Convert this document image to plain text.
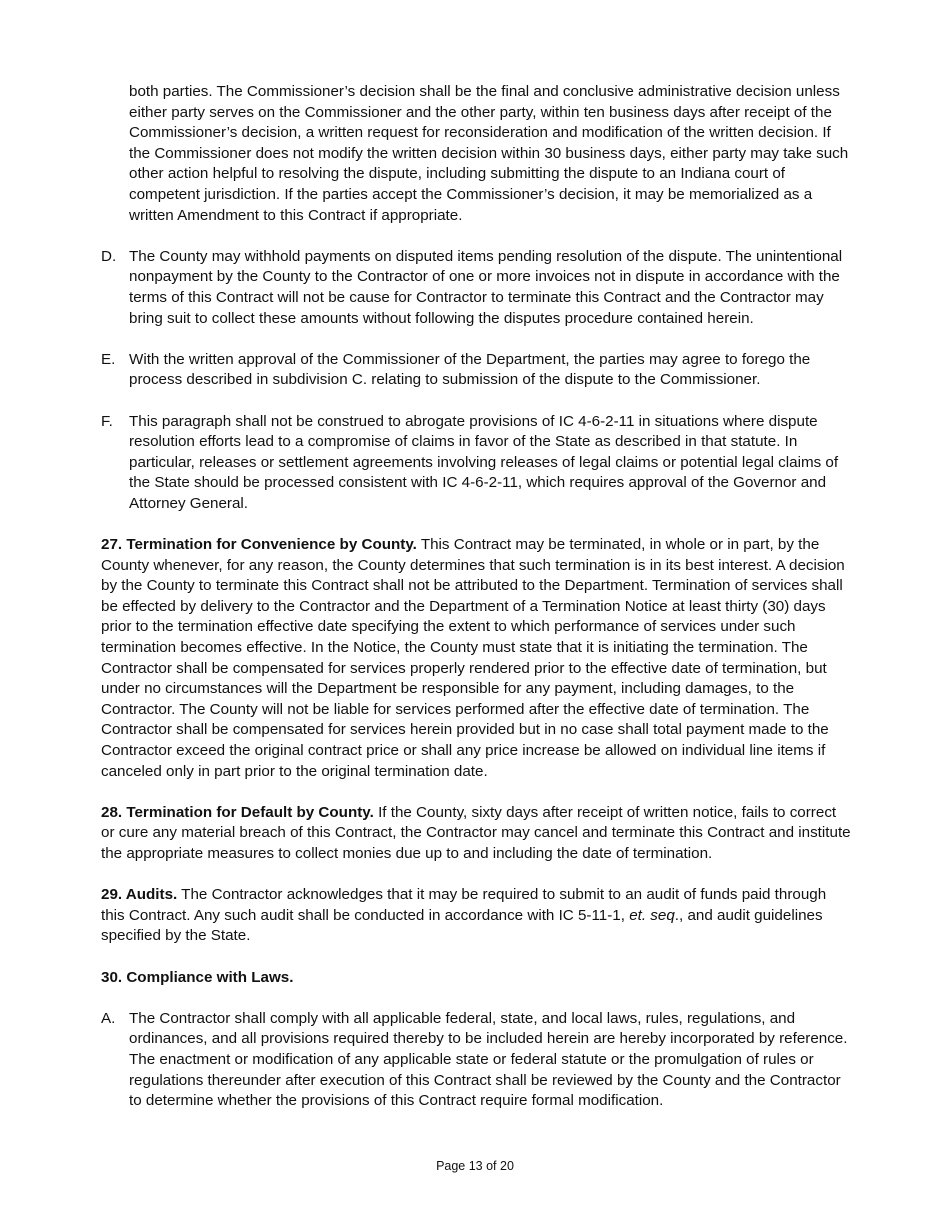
both parties. The Commissioner’s decision shall be the final and conclusive administrative decision unless either party serves on the Commissioner and the other party, within ten business days after receipt of the Commissioner’s decision, a written request for reconsideration and modification of the written decision. If the Commissioner does not modify the written decision within 30 business days, either party may take such other action helpful to resolving the dispute, including submitting the dispute to an Indiana court of competent jurisdiction. If the parties accept the Commissioner’s decision, it may be memorialized as a written Amendment to this Contract if appropriate.

D. The County may withhold payments on disputed items pending resolution of the dispute. The unintentional nonpayment by the County to the Contractor of one or more invoices not in dispute in accordance with the terms of this Contract will not be cause for Contractor to terminate this Contract and the Contractor may bring suit to collect these amounts without following the disputes procedure contained herein.
E. With the written approval of the Commissioner of the Department, the parties may agree to forego the process described in subdivision C. relating to submission of the dispute to the Commissioner.
F.	This paragraph shall not be construed to abrogate provisions of IC 4-6-2-11 in situations where dispute resolution efforts lead to a compromise of claims in favor of the State as described in that statute. In particular, releases or settlement agreements involving releases of legal claims or potential legal claims of the State should be processed consistent with IC 4-6-2-11, which requires approval of the Governor and Attorney General.

27. Termination for Convenience by County. This Contract may be terminated, in whole or in part, by the County whenever, for any reason, the County determines that such termination is in its best interest. A decision by the County to terminate this Contract shall not be attributed to the Department. Termination of services shall be effected by delivery to the Contractor and the Department of a Termination Notice at least thirty (30) days prior to the termination effective date specifying the extent to which performance of services under such termination becomes effective. In the Notice, the County must state that it is initiating the termination. The Contractor shall be compensated for services properly rendered prior to the effective date of termination, but under no circumstances will the Department be responsible for any payment, including damages, to the Contractor. The County will not be liable for services performed after the effective date of termination. The Contractor shall be compensated for services herein provided but in no case shall total payment made to the Contractor exceed the original contract price or shall any price increase be allowed on individual line items if canceled only in part prior to the original termination date.

28. Termination for Default by County. If the County, sixty days after receipt of written notice, fails to correct or cure any material breach of this Contract, the Contractor may cancel and terminate this Contract and institute the appropriate measures to collect monies due up to and including the date of termination.

29. Audits. The Contractor acknowledges that it may be required to submit to an audit of funds paid through this Contract. Any such audit shall be conducted in accordance with IC 5-11-1, et. seq., and audit guidelines specified by the State.

30. Compliance with Laws.

A. The Contractor shall comply with all applicable federal, state, and local laws, rules, regulations, and ordinances, and all provisions required thereby to be included herein are hereby incorporated by reference. The enactment or modification of any applicable state or federal statute or the promulgation of rules or regulations thereunder after execution of this Contract shall be reviewed by the County and the Contractor to determine whether the provisions of this Contract require formal modification.
Page 13 of 20
